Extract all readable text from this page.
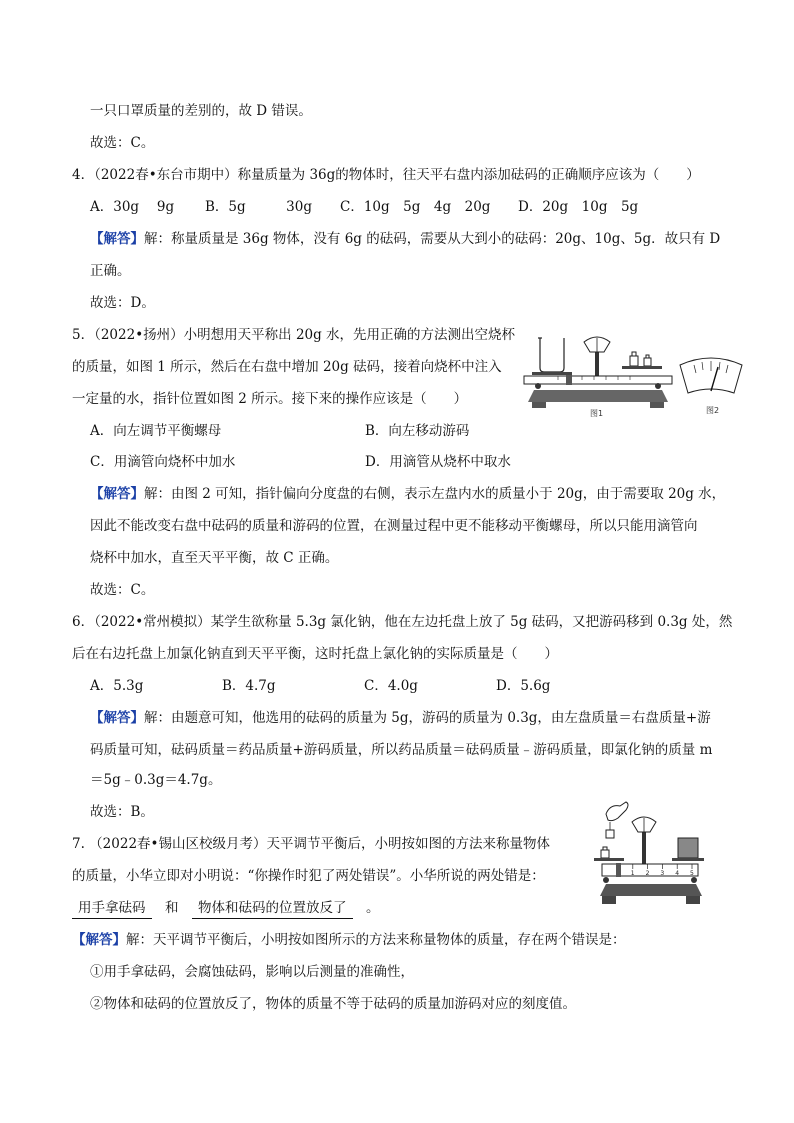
一只口罩质量的差别的，故 D 错误。
故选：C。
4．（2022春•东台市期中）称量质量为 36g的物体时，往天平右盘内添加砝码的正确顺序应该为（　　）
A．30g　 9g B．5g　　　30g C．10g　5g　4g　20g D．20g　10g　5g
【解答】解：称量质量是 36g 物体，没有 6g 的砝码，需要从大到小的砝码：20g、10g、5g．故只有 D
正确。
故选：D。
5．（2022•扬州）小明想用天平称出 20g 水，先用正确的方法测出空烧杯
的质量，如图 1 所示，然后在右盘中增加 20g 砝码，接着向烧杯中注入
一定量的水，指针位置如图 2 所示。接下来的操作应该是（　　）
图1	图2
A．向左调节平衡螺母	B．向左移动游码
C．用滴管向烧杯中加水	D．用滴管从烧杯中取水
【解答】解：由图 2 可知，指针偏向分度盘的右侧，表示左盘内水的质量小于 20g，由于需要取 20g 水，
因此不能改变右盘中砝码的质量和游码的位置，在测量过程中更不能移动平衡螺母，所以只能用滴管向
烧杯中加水，直至天平平衡，故 C 正确。
故选：C。
6．（2022•常州模拟）某学生欲称量 5.3g 氯化钠，他在左边托盘上放了 5g 砝码，又把游码移到 0.3g 处，然
后在右边托盘上加氯化钠直到天平平衡，这时托盘上氯化钠的实际质量是（　　）
A．5.3g	B．4.7g	C．4.0g	D．5.6g
【解答】解：由题意可知，他选用的砝码的质量为 5g，游码的质量为 0.3g，由左盘质量＝右盘质量+游
码质量可知，砝码质量＝药品质量+游码质量，所以药品质量＝砝码质量﹣游码质量，即氯化钠的质量 m
＝5g﹣0.3g＝4.7g。
故选：B。
7. （2022春•锡山区校级月考）天平调节平衡后，小明按如图的方法来称量物体
的质量，小华立即对小明说：“你操作时犯了两处错误”。小华所说的两处错是：
用手拿砝码　 和　 物体和砝码的位置放反了　 。
【解答】解：天平调节平衡后，小明按如图所示的方法来称量物体的质量，存在两个错误是：
①用手拿砝码，会腐蚀砝码，影响以后测量的准确性，
②物体和砝码的位置放反了，物体的质量不等于砝码的质量加游码对应的刻度值。
1 2 3 4 5
